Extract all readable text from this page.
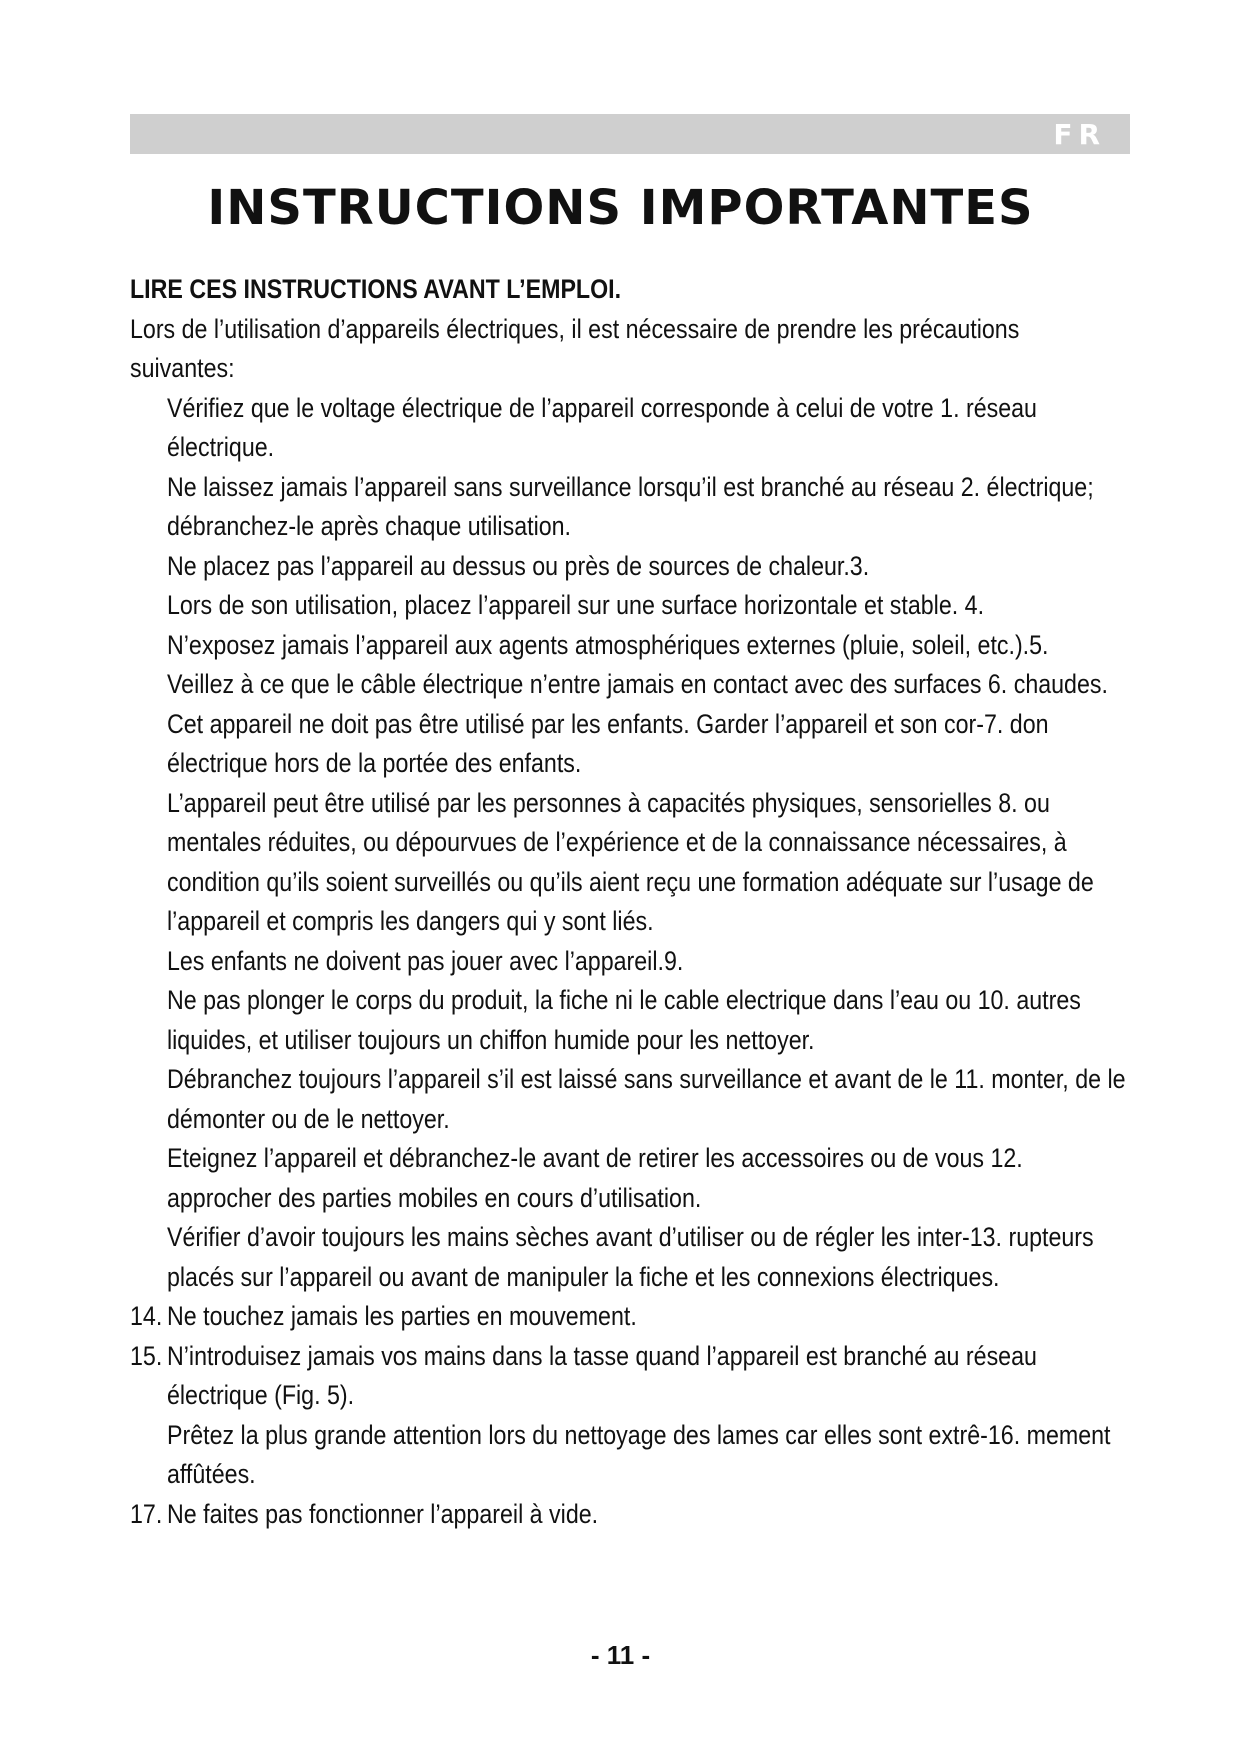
FR
INSTRUCTIONS IMPORTANTES

LIRE CES INSTRUCTIONS AVANT L’EMPLOI.

Lors de l’utilisation d’appareils électriques, il est nécessaire de prendre les précautions suivantes:

Vérifiez que le voltage électrique de l’appareil corresponde à celui de votre 1. réseau électrique.
Ne laissez jamais l’appareil sans surveillance lorsqu’il est branché au réseau 2. électrique; débranchez-le après chaque utilisation.
Ne placez pas l’appareil au dessus ou près de sources de chaleur.3.
Lors de son utilisation, placez l’appareil sur une surface horizontale et stable. 4.
N’exposez jamais l’appareil aux agents atmosphériques externes (pluie, soleil, etc.).5.
Veillez à ce que le câble électrique n’entre jamais en contact avec des surfaces 6. chaudes.
Cet appareil ne doit pas être utilisé par les enfants. Garder l’appareil et son cor-7. don électrique hors de la portée des enfants.
L’appareil peut être utilisé par les personnes à capacités physiques, sensorielles 8. ou mentales réduites, ou dépourvues de l’expérience et de la connaissance nécessaires, à condition qu’ils soient surveillés ou qu’ils aient reçu une formation adéquate sur l’usage de l’appareil et compris les dangers qui y sont liés.
Les enfants ne doivent pas jouer avec l’appareil.9.
Ne pas plonger le corps du produit, la fiche ni le cable electrique dans l’eau ou 10. autres liquides, et utiliser toujours un chiffon humide pour les nettoyer.
Débranchez toujours l’appareil s’il est laissé sans surveillance et avant de le 11. monter, de le démonter ou de le nettoyer.
Eteignez l’appareil et débranchez-le avant de retirer les accessoires ou de vous 12. approcher des parties mobiles en cours d’utilisation.
Vérifier d’avoir toujours les mains sèches avant d’utiliser ou de régler les inter-13. rupteurs placés sur l’appareil ou avant de manipuler la fiche et les connexions électriques.
14. Ne touchez jamais les parties en mouvement.
15. N’introduisez jamais vos mains dans la tasse quand l’appareil est branché au réseau électrique (Fig. 5).
Prêtez la plus grande attention lors du nettoyage des lames car elles sont extrê-16. mement affûtées.
17. Ne faites pas fonctionner l’appareil à vide.
- 11 -
